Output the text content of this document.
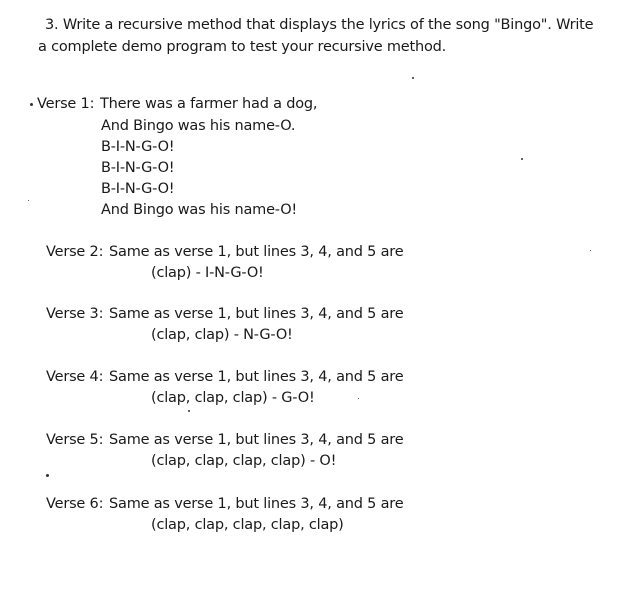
3. Write a recursive method that displays the lyrics of the song "Bingo". Write
a complete demo program to test your recursive method.
Verse 1: There was a farmer had a dog,
And Bingo was his name-O.
B-I-N-G-O!
B-I-N-G-O!
B-I-N-G-O!
And Bingo was his name-O!
Verse 2: Same as verse 1, but lines 3, 4, and 5 are
(clap) - I-N-G-O!
Verse 3: Same as verse 1, but lines 3, 4, and 5 are
(clap, clap) - N-G-O!
Verse 4: Same as verse 1, but lines 3, 4, and 5 are
(clap, clap, clap) - G-O!
Verse 5: Same as verse 1, but lines 3, 4, and 5 are
(clap, clap, clap, clap) - O!
Verse 6: Same as verse 1, but lines 3, 4, and 5 are
(clap, clap, clap, clap, clap)
